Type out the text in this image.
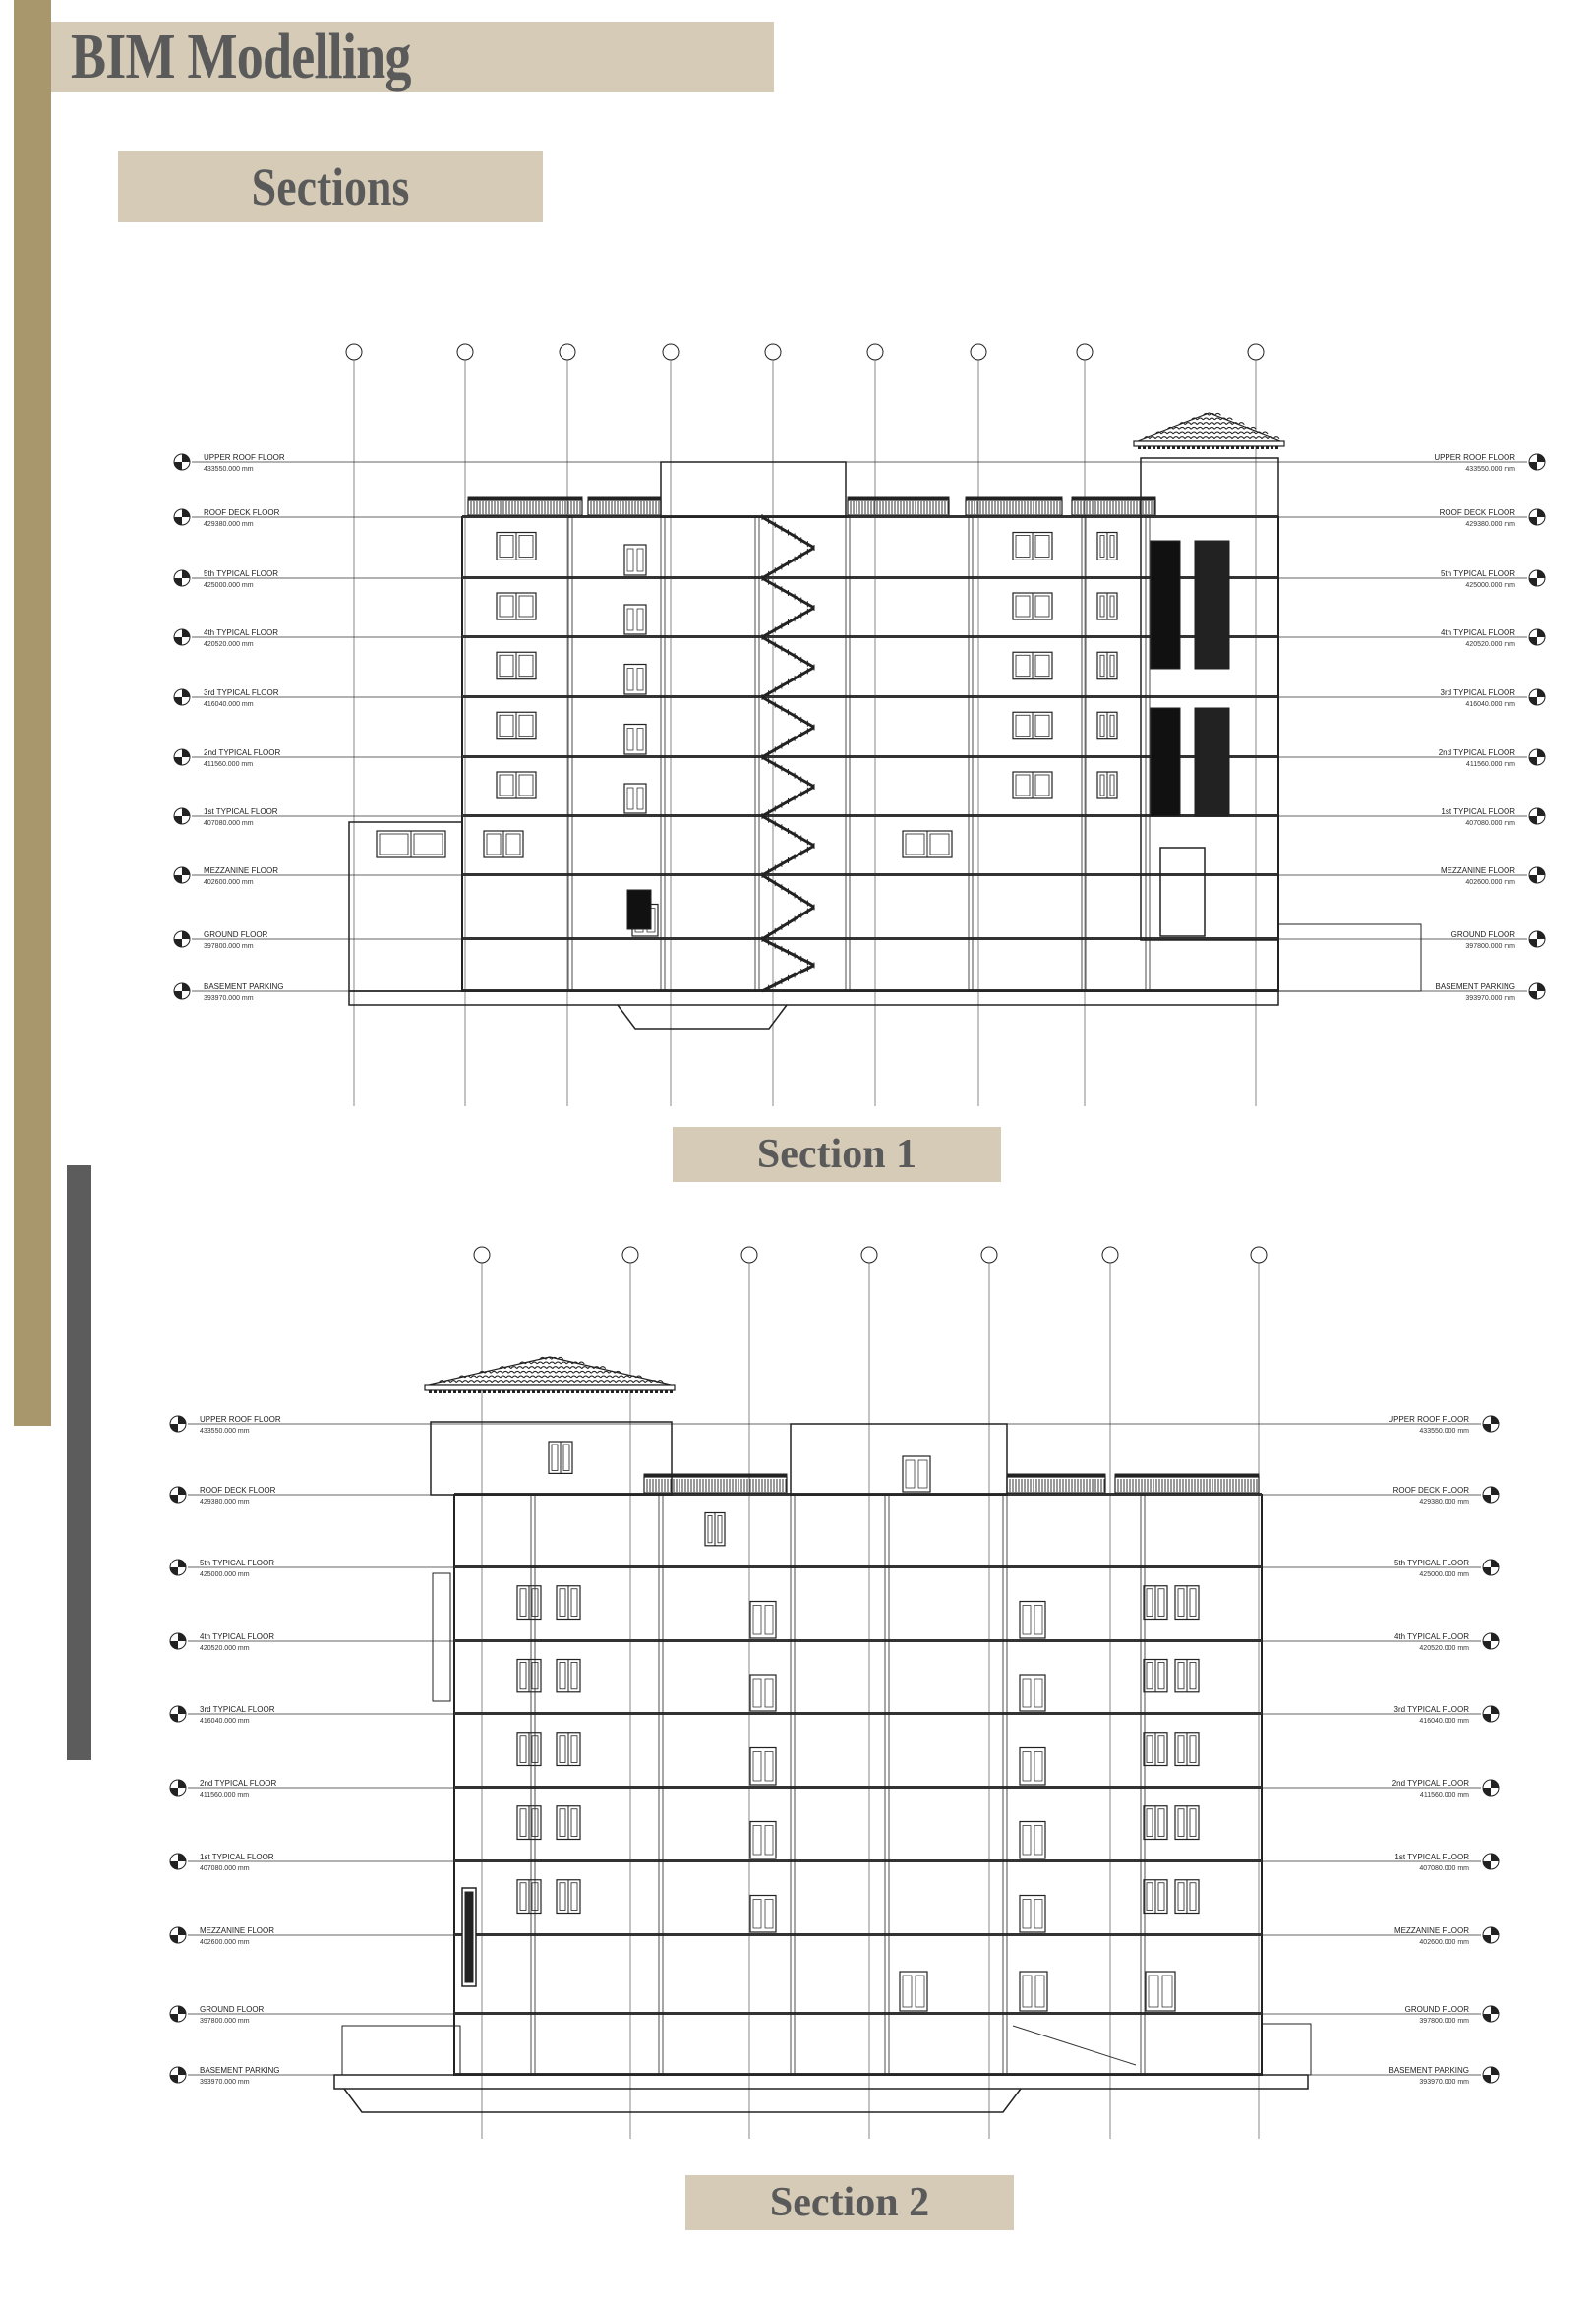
BIM Modelling
Sections
UPPER ROOF FLOOR
433550.000 mm
UPPER ROOF FLOOR
433550.000 mm
ROOF DECK FLOOR
429380.000 mm
ROOF DECK FLOOR
429380.000 mm
5th TYPICAL FLOOR
425000.000 mm
5th TYPICAL FLOOR
425000.000 mm
4th TYPICAL FLOOR
420520.000 mm
4th TYPICAL FLOOR
420520.000 mm
3rd TYPICAL FLOOR
416040.000 mm
3rd TYPICAL FLOOR
416040.000 mm
2nd TYPICAL FLOOR
411560.000 mm
2nd TYPICAL FLOOR
411560.000 mm
1st TYPICAL FLOOR
407080.000 mm
1st TYPICAL FLOOR
407080.000 mm
MEZZANINE FLOOR
402600.000 mm
MEZZANINE FLOOR
402600.000 mm
GROUND FLOOR
397800.000 mm
GROUND FLOOR
397800.000 mm
BASEMENT PARKING
393970.000 mm
BASEMENT PARKING
393970.000 mm
UPPER ROOF FLOOR
433550.000 mm
UPPER ROOF FLOOR
433550.000 mm
ROOF DECK FLOOR
429380.000 mm
ROOF DECK FLOOR
429380.000 mm
5th TYPICAL FLOOR
425000.000 mm
5th TYPICAL FLOOR
425000.000 mm
4th TYPICAL FLOOR
420520.000 mm
4th TYPICAL FLOOR
420520.000 mm
3rd TYPICAL FLOOR
416040.000 mm
3rd TYPICAL FLOOR
416040.000 mm
2nd TYPICAL FLOOR
411560.000 mm
2nd TYPICAL FLOOR
411560.000 mm
1st TYPICAL FLOOR
407080.000 mm
1st TYPICAL FLOOR
407080.000 mm
MEZZANINE FLOOR
402600.000 mm
MEZZANINE FLOOR
402600.000 mm
GROUND FLOOR
397800.000 mm
GROUND FLOOR
397800.000 mm
BASEMENT PARKING
393970.000 mm
BASEMENT PARKING
393970.000 mm
Section 1
Section 2
